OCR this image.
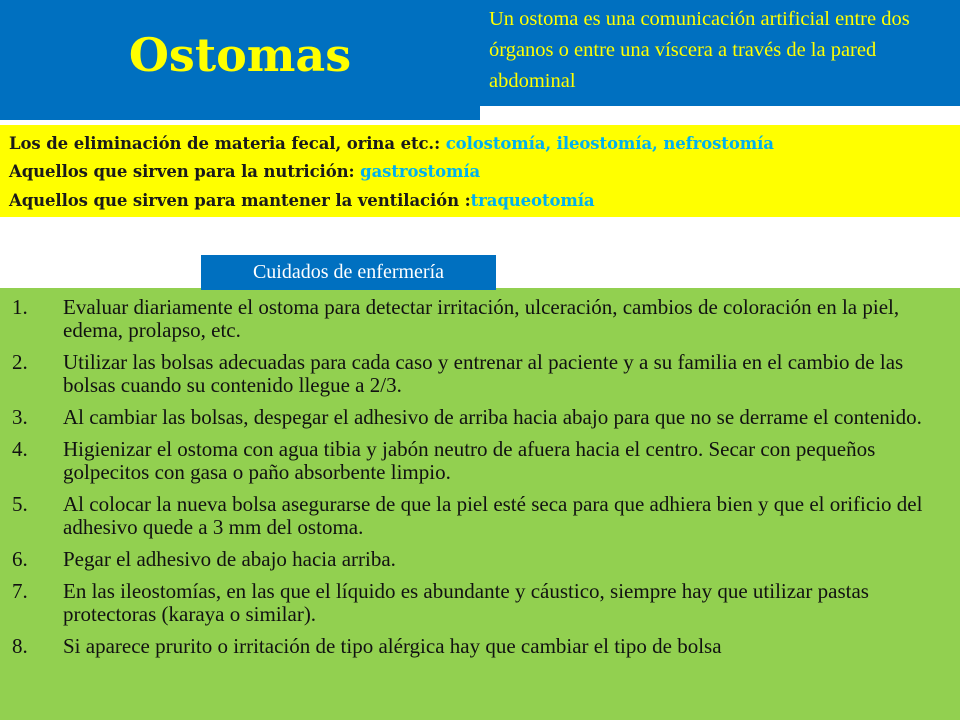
Ostomas
Un ostoma es una comunicación artificial entre dos órganos o entre una víscera a través de la pared abdominal
Los de eliminación de materia fecal, orina etc.: colostomía, ileostomía, nefrostomía
Aquellos que sirven para la nutrición: gastrostomía
Aquellos que sirven para mantener la ventilación :traqueotomía
Cuidados de enfermería
1. Evaluar diariamente el ostoma para detectar irritación, ulceración, cambios de coloración en la piel, edema, prolapso, etc.
2. Utilizar las bolsas adecuadas para cada caso y entrenar al paciente y a su familia en el cambio de las bolsas cuando su contenido llegue a 2/3.
3. Al cambiar las bolsas, despegar el adhesivo de arriba hacia abajo para que no se derrame el contenido.
4. Higienizar el ostoma con agua tibia y jabón neutro de afuera hacia el centro. Secar con pequeños golpecitos con gasa o paño absorbente limpio.
5. Al colocar la nueva bolsa asegurarse de que la piel esté seca para que adhiera bien y que el orificio del adhesivo quede a 3 mm del ostoma.
6. Pegar el adhesivo de abajo hacia arriba.
7. En las ileostomías, en las que el líquido es abundante y cáustico, siempre hay que utilizar pastas protectoras (karaya o similar).
8. Si aparece prurito o irritación de tipo alérgica hay que cambiar el tipo de bolsa
